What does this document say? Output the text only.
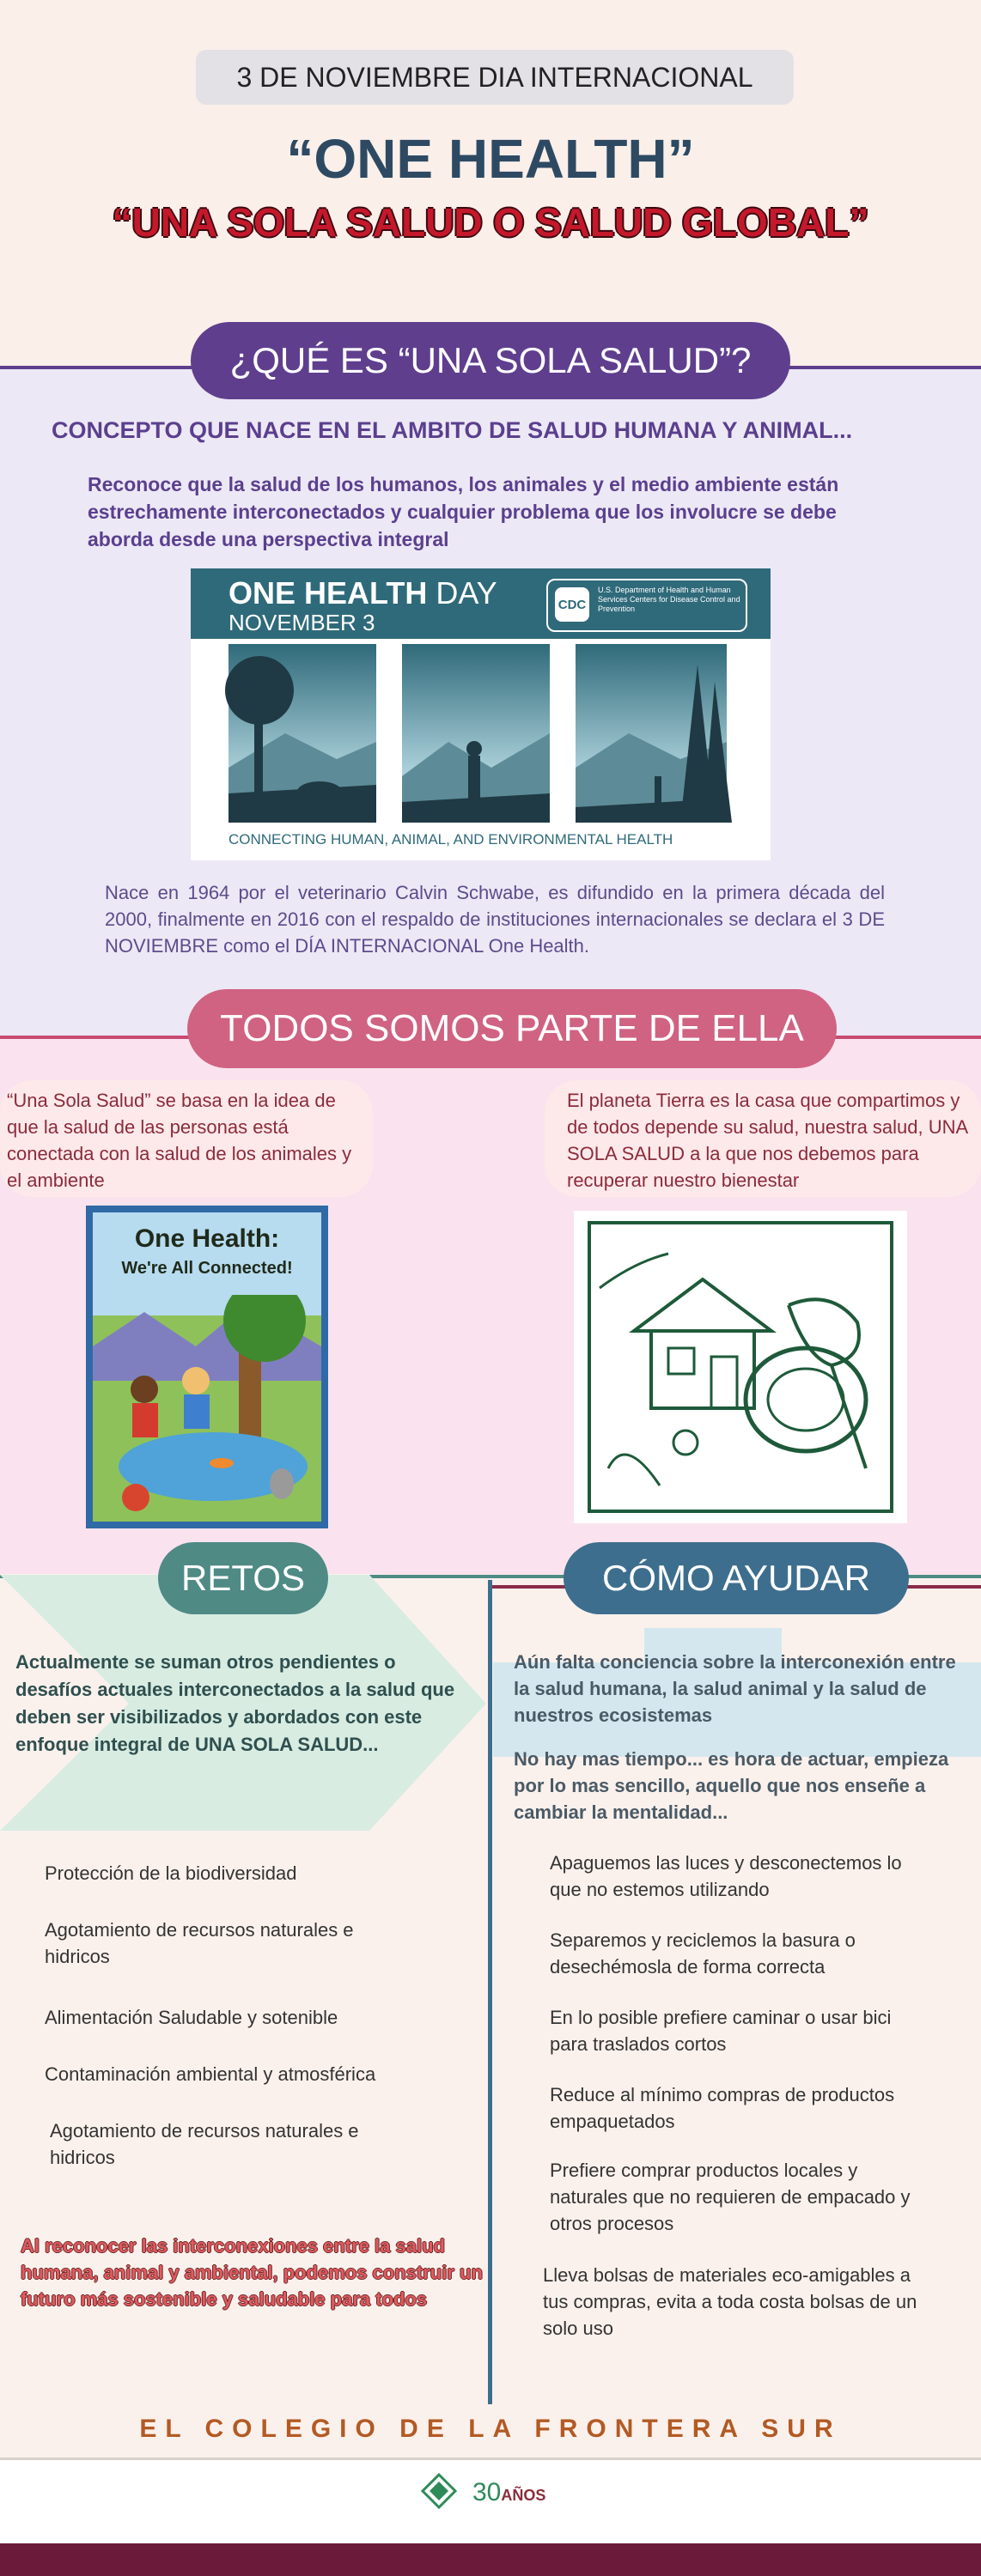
3 DE NOVIEMBRE DIA INTERNACIONAL
“ONE HEALTH”
“UNA SOLA SALUD O SALUD GLOBAL”
¿QUÉ ES “UNA SOLA SALUD”?
CONCEPTO QUE NACE EN EL AMBITO DE SALUD HUMANA Y ANIMAL...
Reconoce que la salud de los humanos, los animales y el medio ambiente están estrechamente interconectados y cualquier problema que los involucre se debe aborda desde una perspectiva integral
ONE HEALTH DAY
NOVEMBER 3
CDC
U.S. Department of Health and Human Services Centers for Disease Control and Prevention
CONNECTING HUMAN, ANIMAL, AND ENVIRONMENTAL HEALTH
Nace en 1964 por el veterinario Calvin Schwabe, es difundido en la primera década del 2000, finalmente en 2016 con el respaldo de instituciones internacionales se declara el 3 DE NOVIEMBRE como el DÍA INTERNACIONAL One Health.
TODOS SOMOS PARTE DE ELLA
“Una Sola Salud” se basa en la idea de que la salud de las personas está conectada con la salud de los animales y el ambiente
El planeta Tierra es la casa que compartimos y de todos depende su salud, nuestra salud, UNA SOLA SALUD a la que nos debemos para recuperar nuestro bienestar
One Health:
We're All Connected!
RETOS	CÓMO AYUDAR
Actualmente se suman otros pendientes o desafíos actuales interconectados a la salud que deben ser visibilizados y abordados con este enfoque integral de UNA SOLA SALUD...
Aún falta conciencia sobre la interconexión entre la salud humana, la salud animal y la salud de nuestros ecosistemas
No hay mas tiempo... es hora de actuar, empieza por lo mas sencillo, aquello que nos enseñe a cambiar la mentalidad...
Protección de la biodiversidad
Agotamiento de recursos naturales e hidricos
Alimentación Saludable y sotenible
Contaminación ambiental y atmosférica
Agotamiento de recursos naturales e hidricos
Al reconocer las interconexiones entre la salud humana, animal y ambiental, podemos construir un futuro más sostenible y saludable para todos
Apaguemos las luces y desconectemos lo que no estemos utilizando
Separemos y reciclemos la basura o desechémosla de forma correcta
En lo posible prefiere caminar o usar bici para traslados cortos
Reduce al mínimo compras de productos empaquetados
Prefiere comprar productos locales y naturales que no requieren de empacado y otros procesos
Lleva bolsas de materiales eco-amigables a tus compras, evita a toda costa bolsas de un solo uso
EL COLEGIO DE LA FRONTERA SUR
30AÑOS
